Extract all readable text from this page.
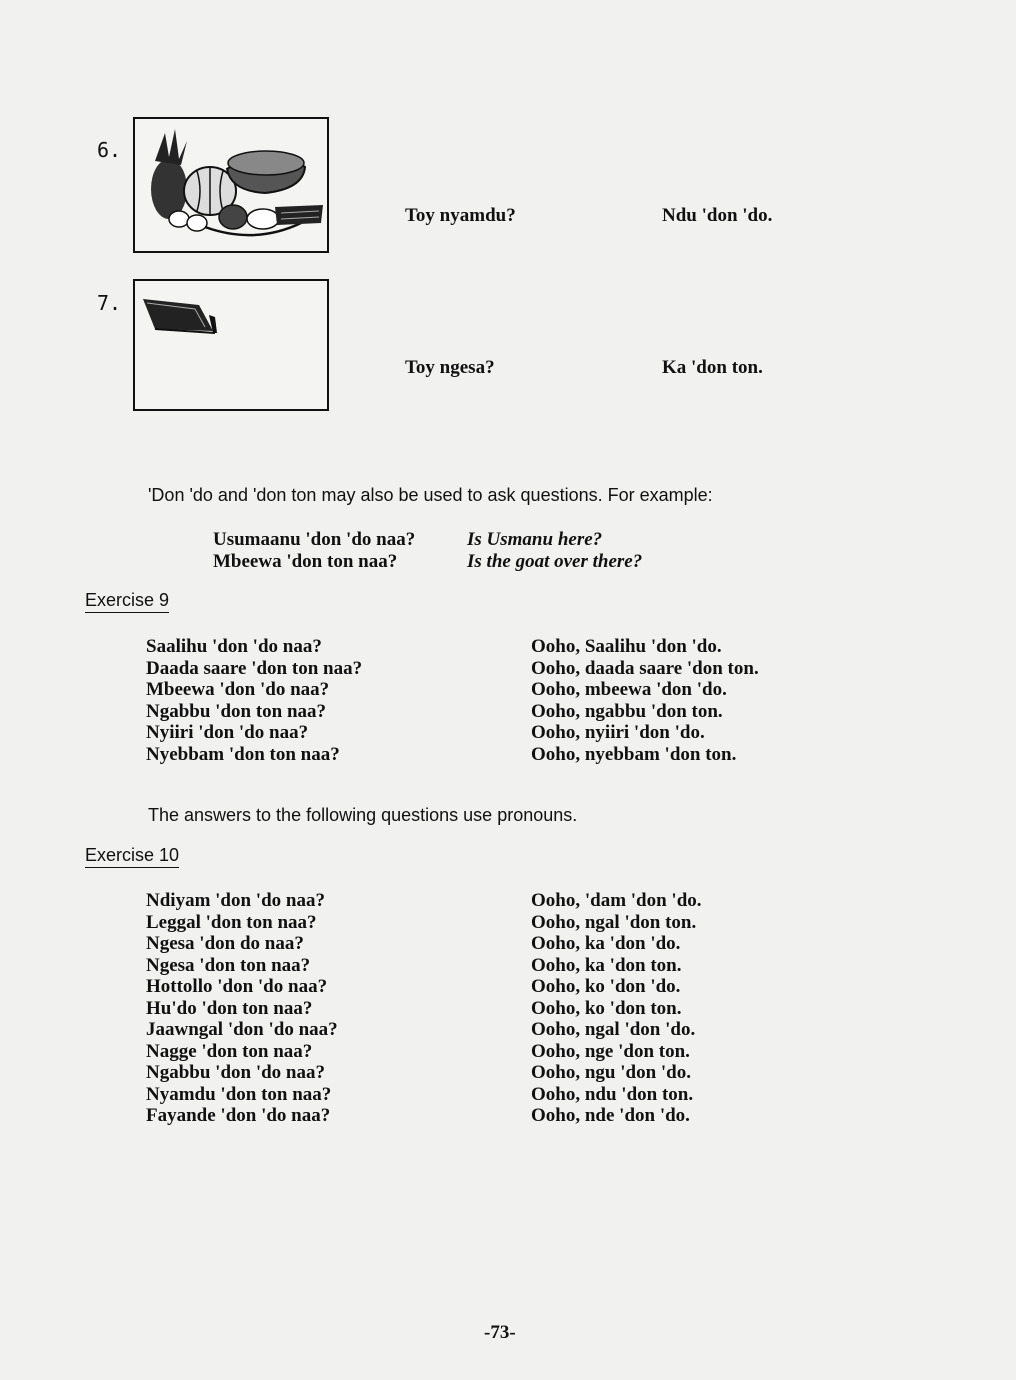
6.
Toy nyamdu?	Ndu 'don 'do.
7.
Toy ngesa?	Ka 'don ton.
'Don 'do and 'don ton may also be used to ask questions. For example:
Usumaanu 'don 'do naa?
Mbeewa 'don ton naa?
Is Usmanu here?
Is the goat over there?
Exercise 9
Saalihu 'don 'do naa?
Daada saare 'don ton naa?
Mbeewa 'don 'do naa?
Ngabbu 'don ton naa?
Nyiiri 'don 'do naa?
Nyebbam 'don ton naa?
Ooho, Saalihu 'don 'do.
Ooho, daada saare 'don ton.
Ooho, mbeewa 'don 'do.
Ooho, ngabbu 'don ton.
Ooho, nyiiri 'don 'do.
Ooho, nyebbam 'don ton.
The answers to the following questions use pronouns.
Exercise 10
Ndiyam 'don 'do naa?
Leggal 'don ton naa?
Ngesa 'don do naa?
Ngesa 'don ton naa?
Hottollo 'don 'do naa?
Hu'do 'don ton naa?
Jaawngal 'don 'do naa?
Nagge 'don ton naa?
Ngabbu 'don 'do naa?
Nyamdu 'don ton naa?
Fayande 'don 'do naa?
Ooho, 'dam 'don 'do.
Ooho, ngal 'don ton.
Ooho, ka 'don 'do.
Ooho, ka 'don ton.
Ooho, ko 'don 'do.
Ooho, ko 'don ton.
Ooho, ngal 'don 'do.
Ooho, nge 'don ton.
Ooho, ngu 'don 'do.
Ooho, ndu 'don ton.
Ooho, nde 'don 'do.
-73-
